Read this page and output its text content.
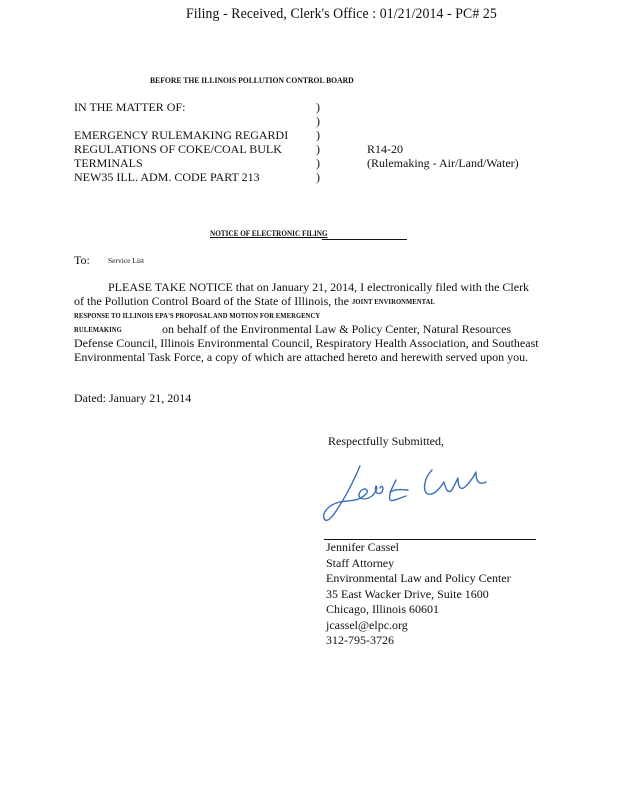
Filing - Received, Clerk's Office : 01/21/2014 - PC# 25
BEFORE THE ILLINOIS POLLUTION CONTROL BOARD
IN THE MATTER OF:
EMERGENCY RULEMAKING REGARDI
REGULATIONS OF COKE/COAL BULK
TERMINALS
NEW35 ILL. ADM. CODE PART 213
)
)
)
)
)
)
R14-20
(Rulemaking - Air/Land/Water)
NOTICE OF ELECTRONIC FILING
To: Service List
PLEASE TAKE NOTICE that on January 21, 2014, I electronically filed with the Clerk
of the Pollution Control Board of the State of Illinois, the JOINT ENVIRONMENTAL
RESPONSE TO ILLINOIS EPA'S PROPOSAL AND MOTION FOR EMERGENCY
RULEMAKING	on behalf of the Environmental Law & Policy Center, Natural Resources
Defense Council, Illinois Environmental Council, Respiratory Health Association, and Southeast
Environmental Task Force, a copy of which are attached hereto and herewith served upon you.
Dated: January 21, 2014
Respectfully Submitted,
Jennifer Cassel
Staff Attorney
Environmental Law and Policy Center
35 East Wacker Drive, Suite 1600
Chicago, Illinois 60601
jcassel@elpc.org
312-795-3726
